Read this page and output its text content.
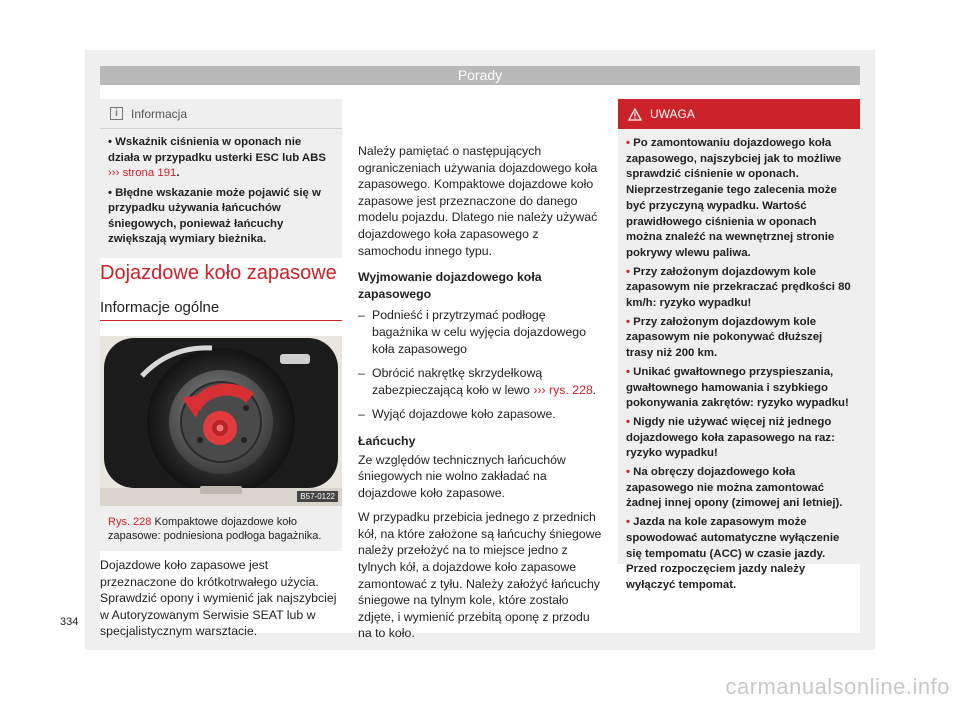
Porady
i	Informacja
• Wskaźnik ciśnienia w oponach nie działa w przypadku usterki ESC lub ABS ››› strona 191.
• Błędne wskazanie może pojawić się w przypadku używania łańcuchów śniegowych, ponieważ łańcuchy zwiększają wymiary bieżnika.
Dojazdowe koło zapasowe
Informacje ogólne
B57-0122
Rys. 228 Kompaktowe dojazdowe koło zapasowe: podniesiona podłoga bagażnika.
Dojazdowe koło zapasowe jest przeznaczone do krótkotrwałego użycia. Sprawdzić opony i wymienić jak najszybciej w Autoryzowanym Serwisie SEAT lub w specjalistycznym warsztacie.
Należy pamiętać o następujących ograniczeniach używania dojazdowego koła zapasowego. Kompaktowe dojazdowe koło zapasowe jest przeznaczone do danego modelu pojazdu. Dlatego nie należy używać dojazdowego koła zapasowego z samochodu innego typu.
Wyjmowanie dojazdowego koła zapasowego
– Podnieść i przytrzymać podłogę bagażnika w celu wyjęcia dojazdowego koła zapasowego
– Obrócić nakrętkę skrzydełkową zabezpieczającą koło w lewo ››› rys. 228.
– Wyjąć dojazdowe koło zapasowe.
Łańcuchy
Ze względów technicznych łańcuchów śniegowych nie wolno zakładać na dojazdowe koło zapasowe.
W przypadku przebicia jednego z przednich kół, na które założone są łańcuchy śniegowe należy przełożyć na to miejsce jedno z tylnych kół, a dojazdowe koło zapasowe zamontować z tyłu. Należy założyć łańcuchy śniegowe na tylnym kole, które zostało zdjęte, i wymienić przebitą oponę z przodu na to koło.
UWAGA
• Po zamontowaniu dojazdowego koła zapasowego, najszybciej jak to możliwe sprawdzić ciśnienie w oponach. Nieprzestrzeganie tego zalecenia może być przyczyną wypadku. Wartość prawidłowego ciśnienia w oponach można znaleźć na wewnętrznej stronie pokrywy wlewu paliwa.
• Przy założonym dojazdowym kole zapasowym nie przekraczać prędkości 80 km/h: ryzyko wypadku!
• Przy założonym dojazdowym kole zapasowym nie pokonywać dłuższej trasy niż 200 km.
• Unikać gwałtownego przyspieszania, gwałtownego hamowania i szybkiego pokonywania zakrętów: ryzyko wypadku!
• Nigdy nie używać więcej niż jednego dojazdowego koła zapasowego na raz: ryzyko wypadku!
• Na obręczy dojazdowego koła zapasowego nie można zamontować żadnej innej opony (zimowej ani letniej).
• Jazda na kole zapasowym może spowodować automatyczne wyłączenie się tempomatu (ACC) w czasie jazdy. Przed rozpoczęciem jazdy należy wyłączyć tempomat.
334
carmanualsonline.info
